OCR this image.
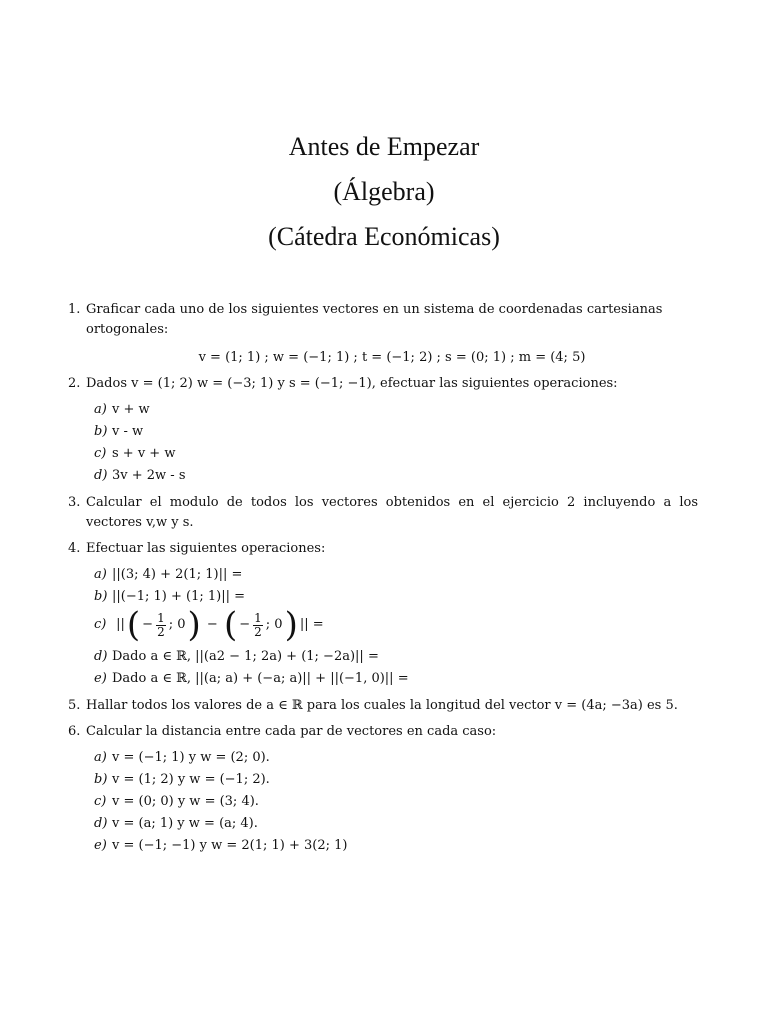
Antes de Empezar
(Álgebra)
(Cátedra Económicas)
1. Graficar cada uno de los siguientes vectores en un sistema de coordenadas cartesianas ortogonales:
v = (1; 1) ; w = (−1; 1) ; t = (−1; 2) ; s = (0; 1) ; m = (4; 5)
2. Dados v = (1; 2) w = (−3; 1) y s = (−1; −1), efectuar las siguientes operaciones:
a) v + w
b) v - w
c) s + v + w
d) 3v + 2w - s
3. Calcular el modulo de todos los vectores obtenidos en el ejercicio 2 incluyendo a los vectores v,w y s.
4. Efectuar las siguientes operaciones:
a) ||(3; 4) + 2(1; 1)|| =
b) ||(−1; 1) + (1; 1)|| =
c) || ( − $\frac{1}{2}$ ; 0 ) − ( − $\frac{1}{2}$ ; 0 ) || =
d) Dado a ∈ ℝ, ||(a2 − 1; 2a) + (1; −2a)|| =
e) Dado a ∈ ℝ, ||(a; a) + (−a; a)|| + ||(−1, 0)|| =
5. Hallar todos los valores de a ∈ ℝ para los cuales la longitud del vector v = (4a; −3a) es 5.
6. Calcular la distancia entre cada par de vectores en cada caso:
a) v = (−1; 1) y w = (2; 0).
b) v = (1; 2) y w = (−1; 2).
c) v = (0; 0) y w = (3; 4).
d) v = (a; 1) y w = (a; 4).
e) v = (−1; −1) y w = 2(1; 1) + 3(2; 1)
